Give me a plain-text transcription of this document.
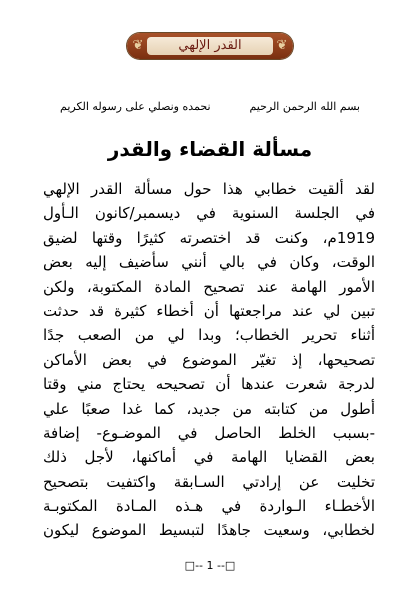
❦	القدر الإلهي	❦
بسم الله الرحمن الرحيم
نحمده ونصلي على رسوله الكريم
مسألة القضاء والقدر
لقد ألقيت خطابي هذا حول مسألة القدر الإلهي
في الجلسة السنوية في ديسمبر/كانون الـأول
1919م، وكنت قد اختصرته كثيرًا وقتها لضيق
الوقت، وكان في بالي أنني سأضيف إليه بعض
الأمور الهامة عند تصحيح المادة المكتوبة، ولكن
تبين لي عند مراجعتها أن أخطاء كثيرة قد حدثت
أثناء تحرير الخطاب؛ وبدا لي من الصعب جدًا
تصحيحها، إذ تغيّر الموضوع في بعض الأماكن
لدرجة شعرت عندها أن تصحيحه يحتاج مني وقتا
أطول من كتابته من جديد، كما غدا صعبًا علي
-بسبب الخلط الحاصل في الموضـوع- إضافة
بعض القضايا الهامة في أماكنها، لأجل ذلك
تخليت عن إرادتي السـابقة واكتفيت بتصحيح
الأخطـاء الـواردة في هـذه المـادة المكتوبـة
لخطابي، وسعيت جاهدًا لتبسيط الموضوع ليكون
□-- 1 --□
